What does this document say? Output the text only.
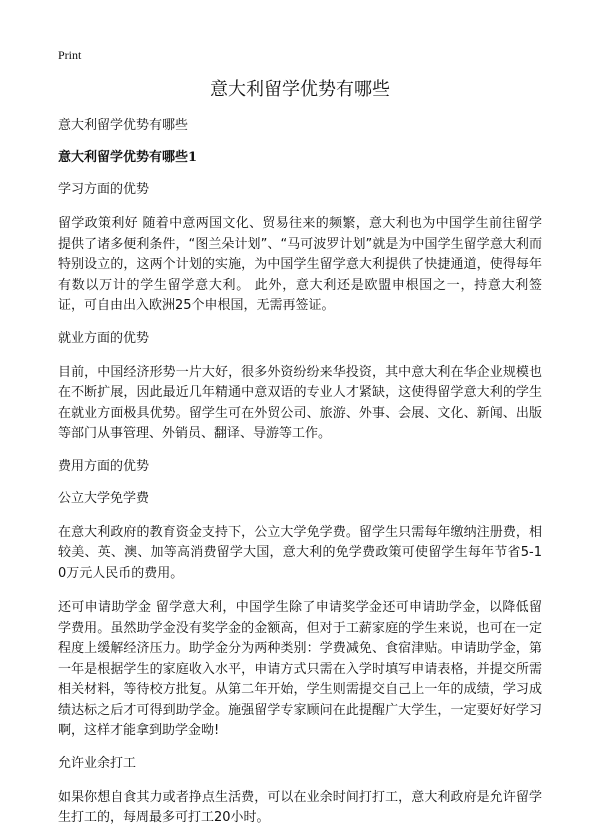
Print
意大利留学优势有哪些
意大利留学优势有哪些
意大利留学优势有哪些1
学习方面的优势

留学政策利好 随着中意两国文化、贸易往来的频繁，意大利也为中国学生前往留学提供了诸多便利条件，“图兰朵计划”、“马可波罗计划”就是为中国学生留学意大利而特别设立的，这两个计划的实施，为中国学生留学意大利提供了快捷通道，使得每年有数以万计的学生留学意大利。 此外，意大利还是欧盟申根国之一，持意大利签证，可自由出入欧洲25个申根国，无需再签证。

就业方面的优势

目前，中国经济形势一片大好，很多外资纷纷来华投资，其中意大利在华企业规模也在不断扩展，因此最近几年精通中意双语的专业人才紧缺，这使得留学意大利的学生在就业方面极具优势。留学生可在外贸公司、旅游、外事、会展、文化、新闻、出版等部门从事管理、外销员、翻译、导游等工作。

费用方面的优势
公立大学免学费

在意大利政府的教育资金支持下，公立大学免学费。留学生只需每年缴纳注册费，相较美、英、澳、加等高消费留学大国，意大利的免学费政策可使留学生每年节省5-10万元人民币的费用。

还可申请助学金 留学意大利，中国学生除了申请奖学金还可申请助学金，以降低留学费用。虽然助学金没有奖学金的金额高，但对于工薪家庭的学生来说，也可在一定程度上缓解经济压力。助学金分为两种类别：学费减免、食宿津贴。申请助学金，第一年是根据学生的家庭收入水平，申请方式只需在入学时填写申请表格，并提交所需相关材料，等待校方批复。从第二年开始，学生则需提交自己上一年的成绩，学习成绩达标之后才可得到助学金。施强留学专家顾问在此提醒广大学生，一定要好好学习啊，这样才能拿到助学金呦!

允许业余打工

如果你想自食其力或者挣点生活费，可以在业余时间打打工，意大利政府是允许留学生打工的，每周最多可打工20小时。
